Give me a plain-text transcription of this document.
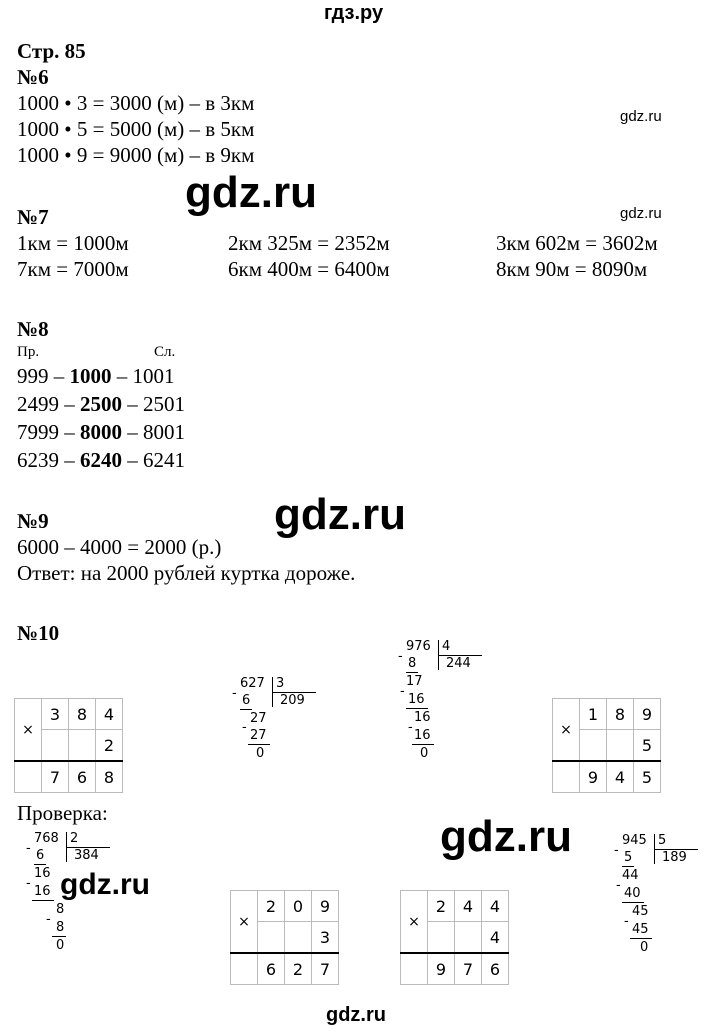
гдз.ру
gdz.ru
gdz.ru
gdz.ru
gdz.ru
gdz.ru
gdz.ru
gdz.ru
Стр. 85
№6
1000 • 3 = 3000 (м) – в 3км
1000 • 5 = 5000 (м) – в 5км
1000 • 9 = 9000 (м) – в 9км
№7
1км = 1000м	2км 325м = 2352м	3км 602м = 3602м
7км = 7000м	6км 400м = 6400м	8км 90м = 8090м
№8
Пр.	Сл.
999 – 1000 – 1001
2499 – 2500 – 2501
7999 – 8000 – 8001
6239 – 6240 – 6241
№9
6000 – 4000 = 2000 (р.)
Ответ: на 2000 рублей куртка дороже.
№10
×	3	8	4
			2
	7	6	8
×	1	8	9
			5
	9	4	5
627 3
209
- 6
27
-
27
0
976 4
244
- 8
17
-
16
16
-
16
0
Проверка:
768 2
384
- 6
16
-
16
8
-
8
0
×	2	0	9
			3
	6	2	7
×	2	4	4
			4
	9	7	6
945 5
189
- 5
44
-
40
45
-
45
0
